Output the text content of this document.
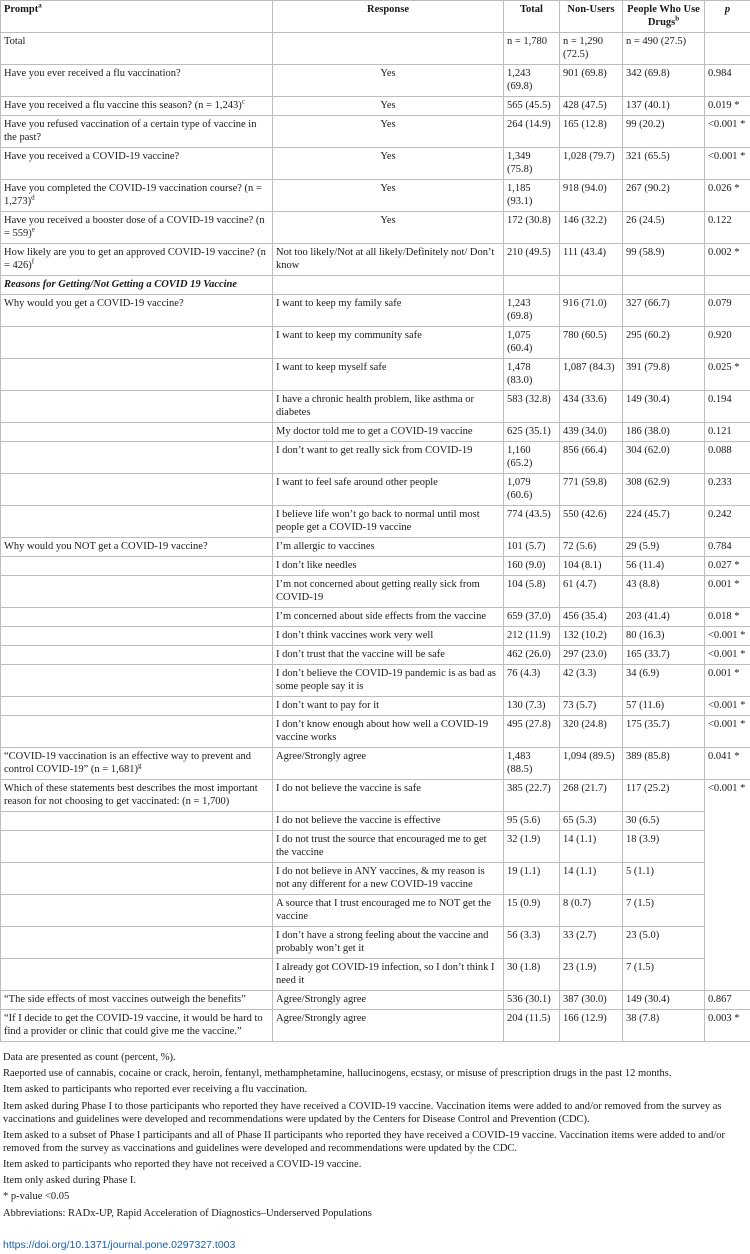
Prompt$^a$	Response	Total	Non-Users	People Who Use Drugs$^b$	p
Total		n = 1,780	n = 1,290 (72.5)	n = 490 (27.5)	
Have you ever received a flu vaccination?	Yes	1,243 (69.8)	901 (69.8)	342 (69.8)	0.984
Have you received a flu vaccine this season? (n = 1,243)$^c$	Yes	565 (45.5)	428 (47.5)	137 (40.1)	0.019 *
Have you refused vaccination of a certain type of vaccine in the past?	Yes	264 (14.9)	165 (12.8)	99 (20.2)	<0.001 *
Have you received a COVID-19 vaccine?	Yes	1,349 (75.8)	1,028 (79.7)	321 (65.5)	<0.001 *
Have you completed the COVID-19 vaccination course? (n = 1,273)$^d$	Yes	1,185 (93.1)	918 (94.0)	267 (90.2)	0.026 *
Have you received a booster dose of a COVID-19 vaccine? (n = 559)$^e$	Yes	172 (30.8)	146 (32.2)	26 (24.5)	0.122
How likely are you to get an approved COVID-19 vaccine? (n = 426)$^f$	Not too likely/Not at all likely/Definitely not/ Don’t know	210 (49.5)	111 (43.4)	99 (58.9)	0.002 *
Reasons for Getting/Not Getting a COVID 19 Vaccine					
Why would you get a COVID-19 vaccine?	I want to keep my family safe	1,243 (69.8)	916 (71.0)	327 (66.7)	0.079
	I want to keep my community safe	1,075 (60.4)	780 (60.5)	295 (60.2)	0.920
	I want to keep myself safe	1,478 (83.0)	1,087 (84.3)	391 (79.8)	0.025 *
	I have a chronic health problem, like asthma or diabetes	583 (32.8)	434 (33.6)	149 (30.4)	0.194
	My doctor told me to get a COVID-19 vaccine	625 (35.1)	439 (34.0)	186 (38.0)	0.121
	I don’t want to get really sick from COVID-19	1,160 (65.2)	856 (66.4)	304 (62.0)	0.088
	I want to feel safe around other people	1,079 (60.6)	771 (59.8)	308 (62.9)	0.233
	I believe life won’t go back to normal until most people get a COVID-19 vaccine	774 (43.5)	550 (42.6)	224 (45.7)	0.242
Why would you NOT get a COVID-19 vaccine?	I’m allergic to vaccines	101 (5.7)	72 (5.6)	29 (5.9)	0.784
	I don’t like needles	160 (9.0)	104 (8.1)	56 (11.4)	0.027 *
	I’m not concerned about getting really sick from COVID-19	104 (5.8)	61 (4.7)	43 (8.8)	0.001 *
	I’m concerned about side effects from the vaccine	659 (37.0)	456 (35.4)	203 (41.4)	0.018 *
	I don’t think vaccines work very well	212 (11.9)	132 (10.2)	80 (16.3)	<0.001 *
	I don’t trust that the vaccine will be safe	462 (26.0)	297 (23.0)	165 (33.7)	<0.001 *
	I don’t believe the COVID-19 pandemic is as bad as some people say it is	76 (4.3)	42 (3.3)	34 (6.9)	0.001 *
	I don’t want to pay for it	130 (7.3)	73 (5.7)	57 (11.6)	<0.001 *
	I don’t know enough about how well a COVID-19 vaccine works	495 (27.8)	320 (24.8)	175 (35.7)	<0.001 *
“COVID-19 vaccination is an effective way to prevent and control COVID-19” (n = 1,681)$^g$	Agree/Strongly agree	1,483 (88.5)	1,094 (89.5)	389 (85.8)	0.041 *
Which of these statements best describes the most important reason for not choosing to get vaccinated: (n = 1,700)	I do not believe the vaccine is safe	385 (22.7)	268 (21.7)	117 (25.2)	<0.001 *
	I do not believe the vaccine is effective	95 (5.6)	65 (5.3)	30 (6.5)	
	I do not trust the source that encouraged me to get the vaccine	32 (1.9)	14 (1.1)	18 (3.9)	
	I do not believe in ANY vaccines, & my reason is not any different for a new COVID-19 vaccine	19 (1.1)	14 (1.1)	5 (1.1)	
	A source that I trust encouraged me to NOT get the vaccine	15 (0.9)	8 (0.7)	7 (1.5)	
	I don’t have a strong feeling about the vaccine and probably won’t get it	56 (3.3)	33 (2.7)	23 (5.0)	
	I already got COVID-19 infection, so I don’t think I need it	30 (1.8)	23 (1.9)	7 (1.5)	
“The side effects of most vaccines outweigh the benefits”	Agree/Strongly agree	536 (30.1)	387 (30.0)	149 (30.4)	0.867
“If I decide to get the COVID-19 vaccine, it would be hard to find a provider or clinic that could give me the vaccine.”	Agree/Strongly agree	204 (11.5)	166 (12.9)	38 (7.8)	0.003 *

Data are presented as count (percent, %).

Raeported use of cannabis, cocaine or crack, heroin, fentanyl, methamphetamine, hallucinogens, ecstasy, or misuse of prescription drugs in the past 12 months.

Item asked to participants who reported ever receiving a flu vaccination.

Item asked during Phase I to those participants who reported they have received a COVID-19 vaccine. Vaccination items were added to and/or removed from the survey as vaccinations and guidelines were developed and recommendations were updated by the Centers for Disease Control and Prevention (CDC).

Item asked to a subset of Phase I participants and all of Phase II participants who reported they have received a COVID-19 vaccine. Vaccination items were added to and/or removed from the survey as vaccinations and guidelines were developed and recommendations were updated by the CDC.

Item asked to participants who reported they have not received a COVID-19 vaccine.

Item only asked during Phase I.

* p-value <0.05

Abbreviations: RADx-UP, Rapid Acceleration of Diagnostics–Underserved Populations

https://doi.org/10.1371/journal.pone.0297327.t003
